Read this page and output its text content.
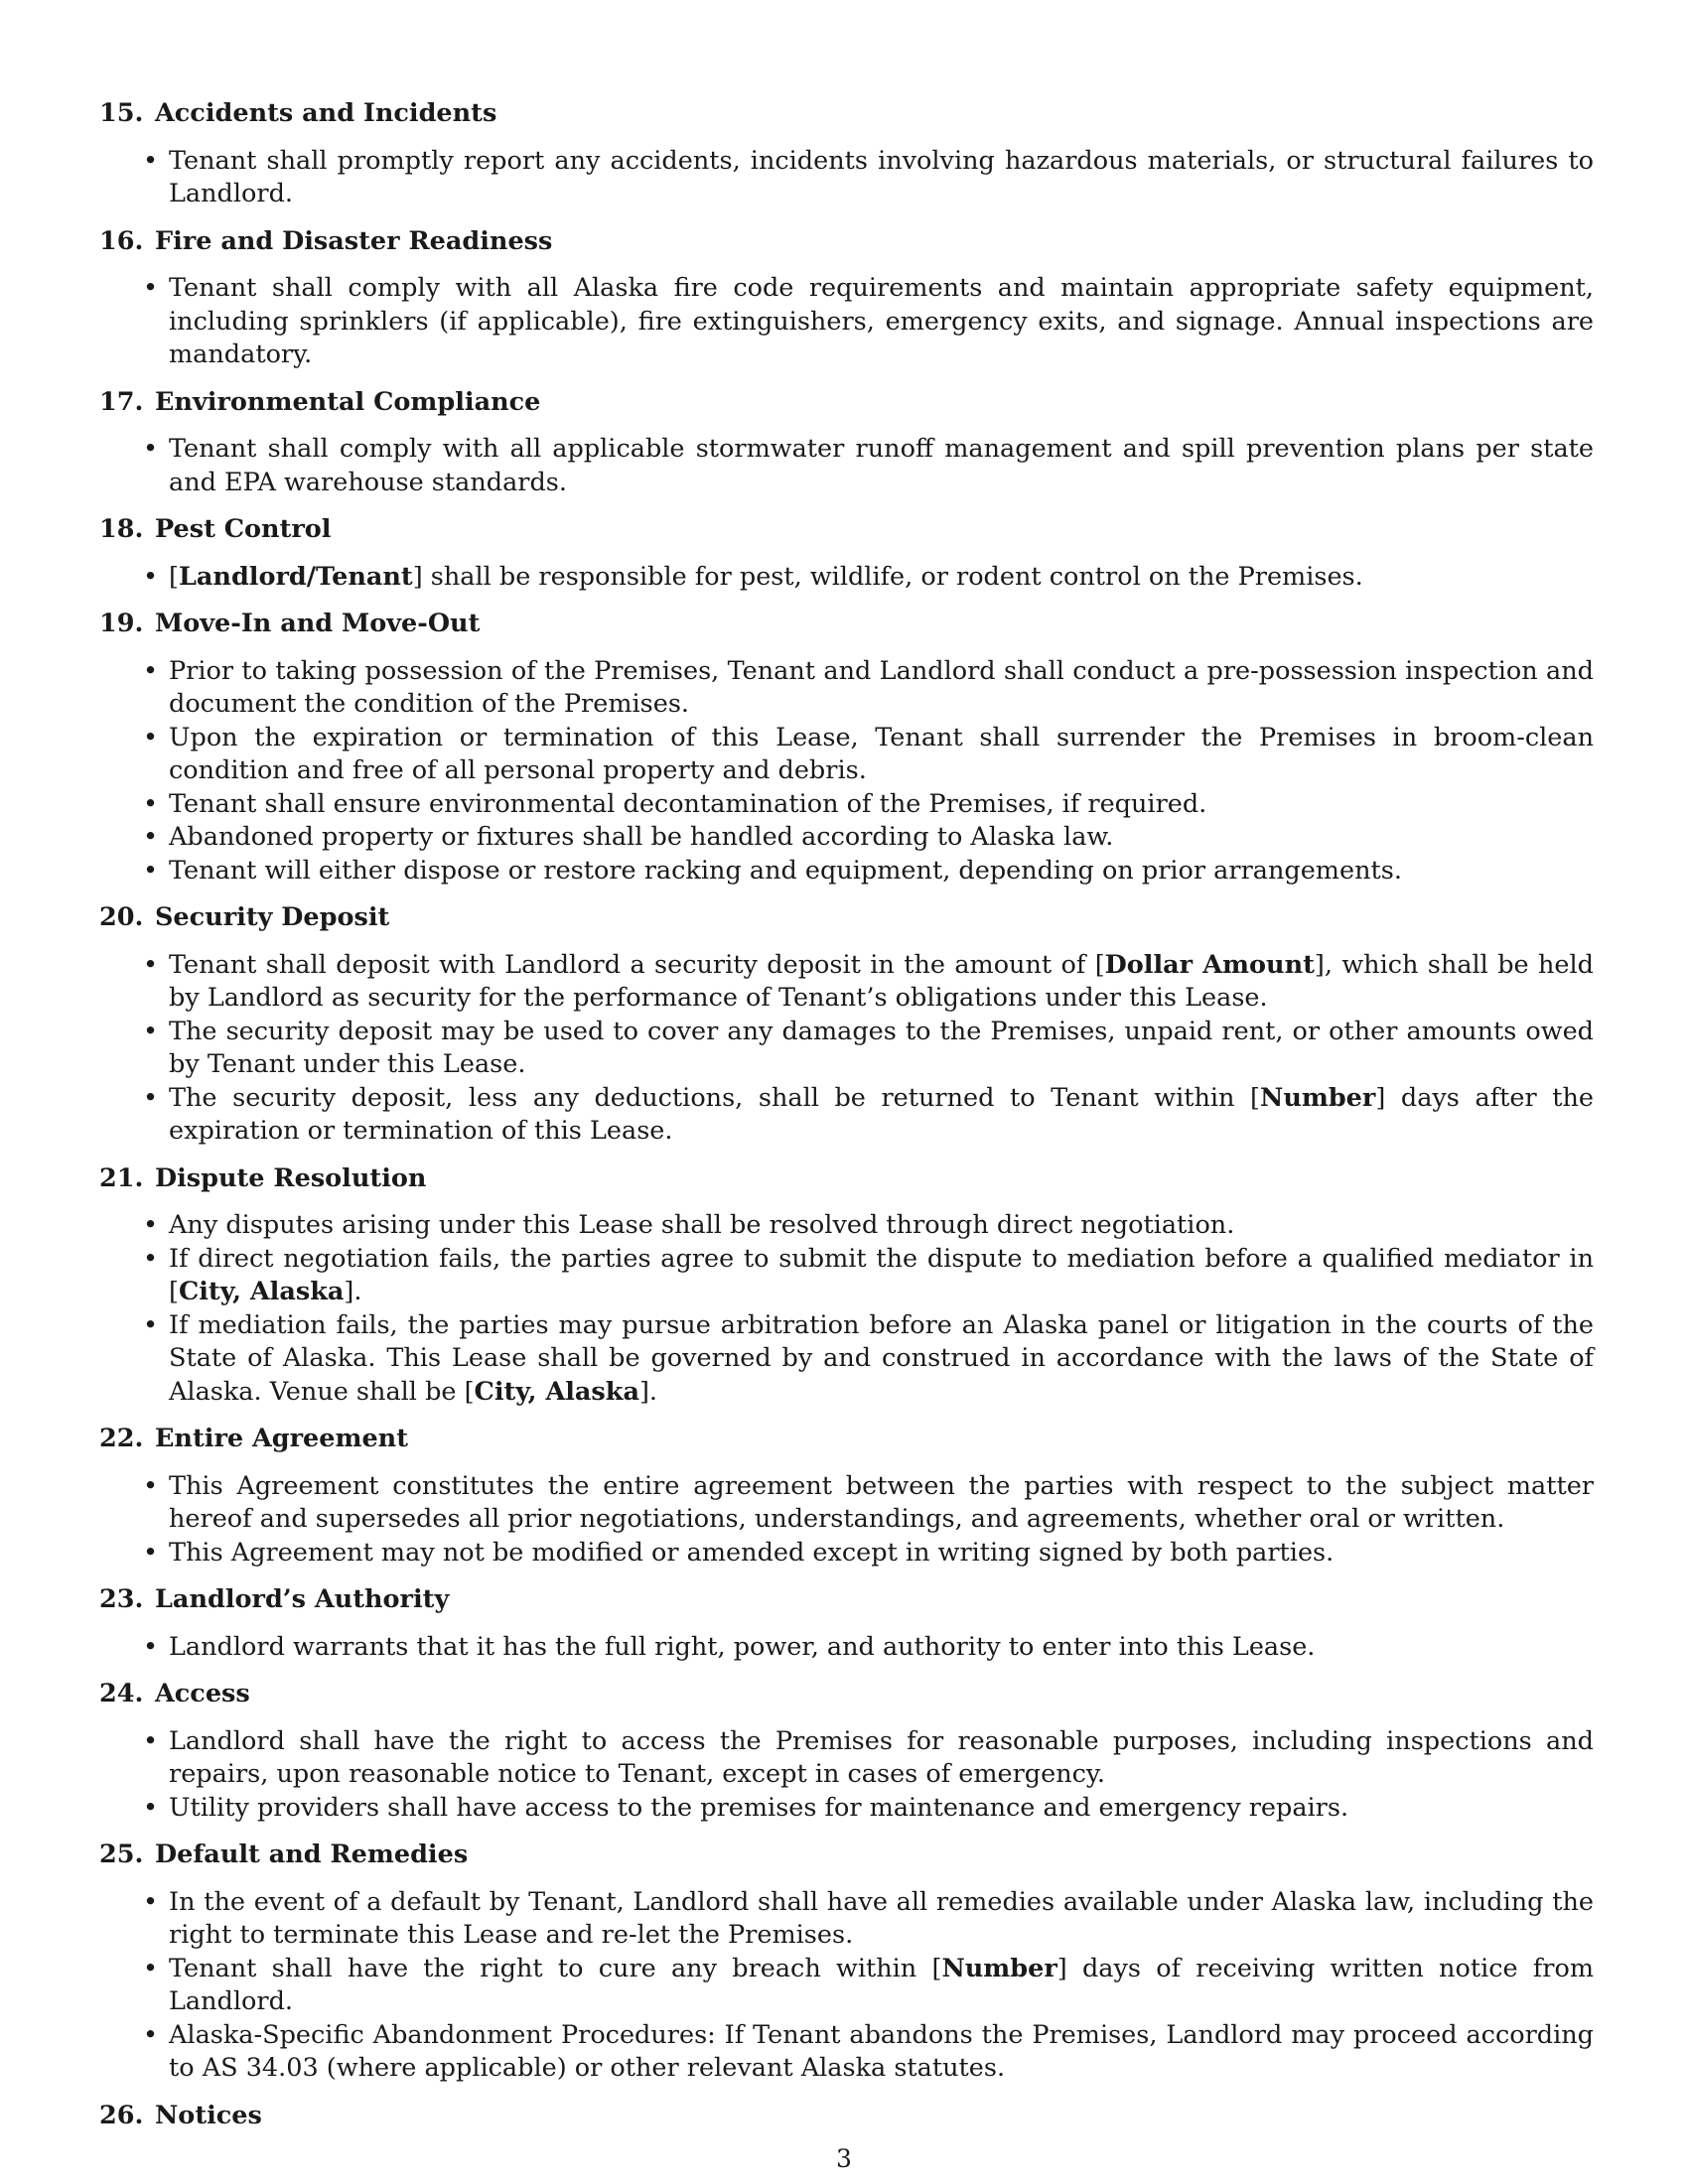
15. Accidents and Incidents
• Tenant shall promptly report any accidents, incidents involving hazardous materials, or structural failures to Landlord.
16. Fire and Disaster Readiness
• Tenant shall comply with all Alaska fire code requirements and maintain appropriate safety equipment, including sprinklers (if applicable), fire extinguishers, emergency exits, and signage. Annual inspections are mandatory.
17. Environmental Compliance
• Tenant shall comply with all applicable stormwater runoff management and spill prevention plans per state and EPA warehouse standards.
18. Pest Control
• [Landlord/Tenant] shall be responsible for pest, wildlife, or rodent control on the Premises.
19. Move-In and Move-Out
• Prior to taking possession of the Premises, Tenant and Landlord shall conduct a pre-possession inspection and document the condition of the Premises.
• Upon the expiration or termination of this Lease, Tenant shall surrender the Premises in broom-clean condition and free of all personal property and debris.
• Tenant shall ensure environmental decontamination of the Premises, if required.
• Abandoned property or fixtures shall be handled according to Alaska law.
• Tenant will either dispose or restore racking and equipment, depending on prior arrangements.
20. Security Deposit
• Tenant shall deposit with Landlord a security deposit in the amount of [Dollar Amount], which shall be held by Landlord as security for the performance of Tenant’s obligations under this Lease.
• The security deposit may be used to cover any damages to the Premises, unpaid rent, or other amounts owed by Tenant under this Lease.
• The security deposit, less any deductions, shall be returned to Tenant within [Number] days after the expiration or termination of this Lease.
21. Dispute Resolution
• Any disputes arising under this Lease shall be resolved through direct negotiation.
• If direct negotiation fails, the parties agree to submit the dispute to mediation before a qualified mediator in [City, Alaska].
• If mediation fails, the parties may pursue arbitration before an Alaska panel or litigation in the courts of the State of Alaska. This Lease shall be governed by and construed in accordance with the laws of the State of Alaska. Venue shall be [City, Alaska].
22. Entire Agreement
• This Agreement constitutes the entire agreement between the parties with respect to the subject matter hereof and supersedes all prior negotiations, understandings, and agreements, whether oral or written.
• This Agreement may not be modified or amended except in writing signed by both parties.
23. Landlord’s Authority
• Landlord warrants that it has the full right, power, and authority to enter into this Lease.
24. Access
• Landlord shall have the right to access the Premises for reasonable purposes, including inspections and repairs, upon reasonable notice to Tenant, except in cases of emergency.
• Utility providers shall have access to the premises for maintenance and emergency repairs.
25. Default and Remedies
• In the event of a default by Tenant, Landlord shall have all remedies available under Alaska law, including the right to terminate this Lease and re-let the Premises.
• Tenant shall have the right to cure any breach within [Number] days of receiving written notice from Landlord.
• Alaska-Specific Abandonment Procedures: If Tenant abandons the Premises, Landlord may proceed according to AS 34.03 (where applicable) or other relevant Alaska statutes.
26. Notices
3
